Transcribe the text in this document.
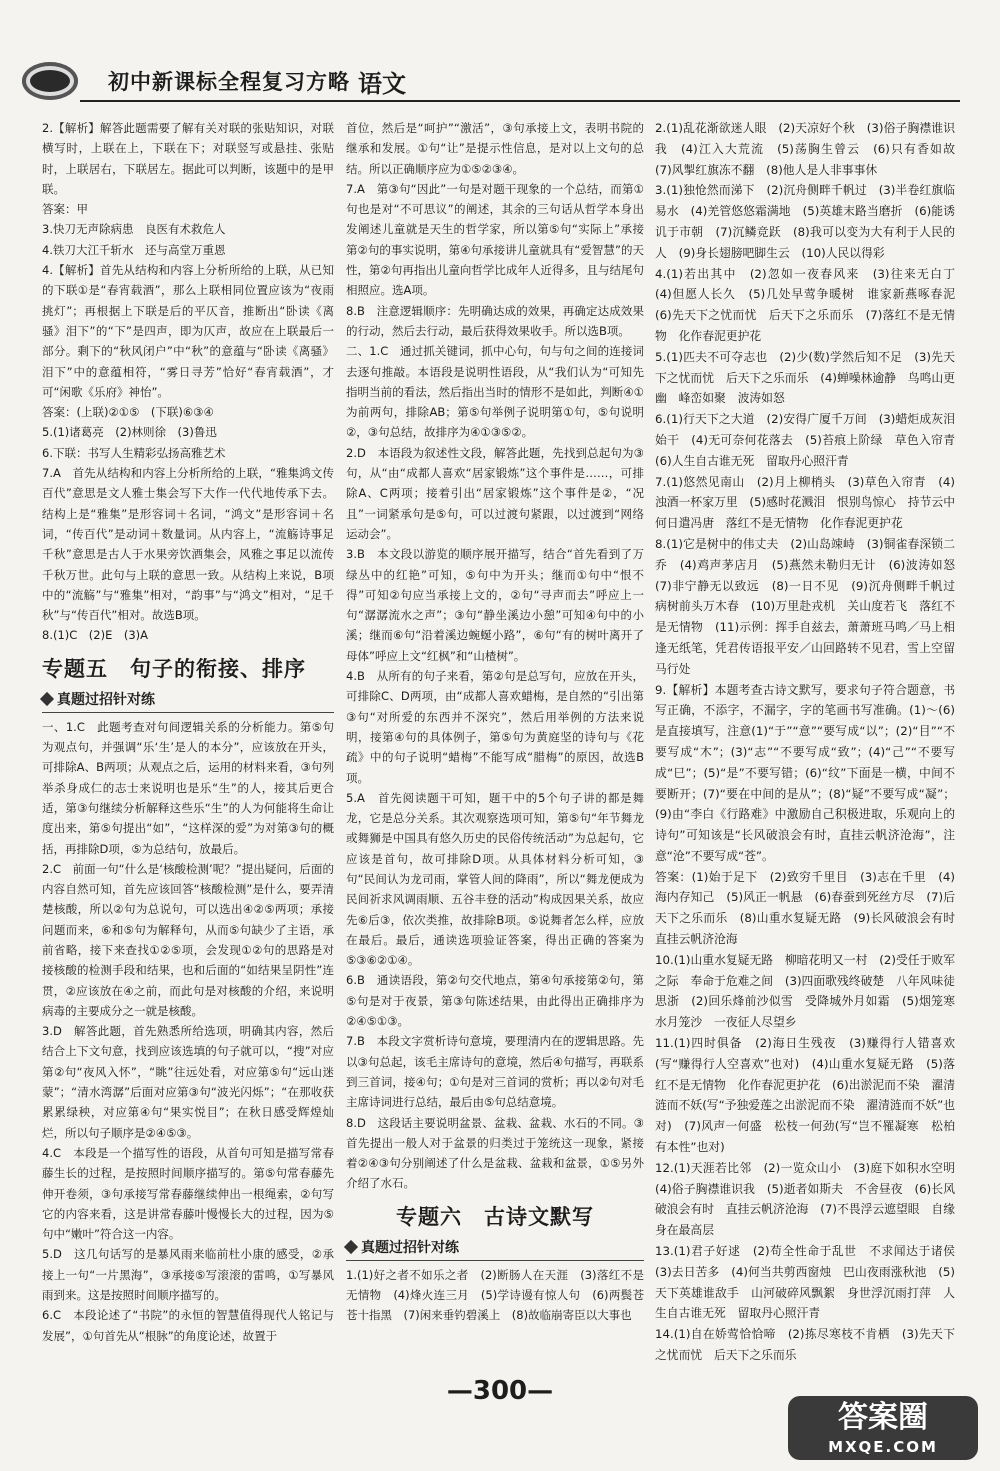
初中新课标全程复习方略 语文

2.【解析】解答此题需要了解有关对联的张贴知识，对联横写时，上联在上，下联在下；对联竖写或悬挂、张贴时，上联居右，下联居左。据此可以判断，该题中的是甲联。

答案：甲

3.快刀无声除病患　良医有术救危人

4.铁刀大江千斩水　还与高堂万重恩

4.【解析】首先从结构和内容上分析所给的上联，从已知的下联①是“春宵载酒”，那么上联相同位置应该为“夜雨挑灯”；再根据上下联是后的平仄音，推断出“卧读《离骚》泪下”的“下”是四声，即为仄声，故应在上联最后一部分。剩下的“秋风闭户”中“秋”的意蕴与“卧读《离骚》泪下”中的意蕴相符，“雾日寻芳”恰好“春宵载酒”，才可“闲歌《乐府》神怡”。

答案：(上联)②①⑤　(下联)⑥③④

5.(1)诸葛亮　(2)林则徐　(3)鲁迅

6.下联：书写人生精彩弘扬高雅艺术

7.A　首先从结构和内容上分析所给的上联，“雅集鸿文传百代”意思是文人雅士集会写下大作一代代地传承下去。结构上是“雅集”是形容词＋名词，“鸿文”是形容词＋名词，“传百代”是动词＋数量词。从内容上，“流觞诗事足千秋”意思是古人于水果旁饮酒集会，风雅之事足以流传千秋万世。此句与上联的意思一致。从结构上来说，B项中的“流觞”与“雅集”相对，“韵事”与“鸿文”相对，“足千秋”与“传百代”相对。故选B项。

8.(1)C　(2)E　(3)A

专题五　句子的衔接、排序

真题过招针对练

一、1.C　此题考查对句间逻辑关系的分析能力。第⑤句为观点句，并强调“乐‘生’是人的本分”，应该放在开头，可排除A、B两项；从观点之后，运用的材料来看，③句列举杀身成仁的志士来说明也是乐“生”的人，接其后更合适，第③句继续分析解释这些乐“生”的人为何能将生命让度出来，第⑤句提出“如”，“这样深的爱”为对第③句的概括，再排除D项，⑤为总结句，放最后。

2.C　前面一句“什么是‘核酸检测’呢？”提出疑问，后面的内容自然可知，首先应该回答“核酸检测”是什么，要弄清楚核酸，所以②句为总说句，可以选出④②⑤两项；承接问题而来，⑥和⑤句为解释句，从而⑤句缺少了主语，承前省略，接下来查找①②⑤项，会发现①②句的思路是对接核酸的检测手段和结果，也和后面的“如结果呈阴性”连贯，②应该放在④之前，而此句是对核酸的介绍，来说明病毒的主要成分之一就是核酸。

3.D　解答此题，首先熟悉所给选项，明确其内容，然后结合上下文句意，找到应该选填的句子就可以，“搜”对应第②句“夜风入怀”，“眺”往远处看，对应第⑤句“远山迷蒙”；“清水湾潺”后面对应第③句“波光闪烁”；“在那收获累累绿秧，对应第④句“果实悦目”；在秋日感受辉煌灿烂，所以句子顺序是②④⑤③。

4.C　本段是一个描写性的语段，从首句可知是描写常春藤生长的过程，是按照时间顺序描写的。第⑤句常春藤先伸开卷须，③句承接写常春藤继续伸出一根绳索，②句写它的内容来看，这是讲常春藤叶慢慢长大的过程，因为⑤句中“嫩叶”符合这一内容。

5.D　这几句话写的是暴风雨来临前杜小康的感受，②承接上一句“一片黑海”，③承接⑤写滚滚的雷鸣，①写暴风雨到来。这是按照时间顺序描写的。

6.C　本段论述了“书院”的永恒的智慧值得现代人铭记与发展”，①句首先从“根脉”的角度论述，故置于

首位，然后是“呵护”“激活”，③句承接上文，表明书院的继承和发展。①句“让”是提示性信息，是对以上文句的总结。所以正确顺序应为①⑤②③④。

7.A　第③句“因此”一句是对题干现象的一个总结，而第①句也是对“不可思议”的阐述，其余的三句话从哲学本身出发阐述儿童就是天生的哲学家，所以第⑤句“实际上”承接第②句的事实说明，第④句承接讲儿童就具有“爱智慧”的天性，第②句再指出儿童向哲学比成年人近得多，且与结尾句相照应。选A项。

8.B　注意逻辑顺序：先明确达成的效果，再确定达成效果的行动，然后去行动，最后获得效果收手。所以选B项。

二、1.C　通过抓关键词，抓中心句，句与句之间的连接词去逐句推敲。本语段是说明性语段，从“我们认为“可知先指明当前的看法，然后指出当时的情形不是如此，判断④①为前两句，排除AB；第⑤句举例子说明第①句，⑤句说明②，③句总结，故排序为④①③⑤②。

2.D　本语段为叙述性文段，解答此题，先找到总起句为③句，从“由“成都人喜欢“居家锻炼”这个事件是……，可排除A、C两项；接着引出“居家锻炼”这个事件是②，“况且”一词紧承句是⑤句，可以过渡句紧跟，以过渡到“网络运动会”。

3.B　本文段以游览的顺序展开描写，结合“首先看到了万绿丛中的红艳”可知，⑤句中为开头；继而①句中“恨不得”可知②句应当承接上文的，②句“寻声而去”呼应上一句“潺潺流水之声”；③句“静坐溪边小憩”可知④句中的小溪；继而⑥句“沿着溪边蜿蜒小路”，⑥句“有的树叶离开了母体”呼应上文“红枫”和“山楂树”。

4.B　从所有的句子来看，第②句是总写句，应放在开头，可排除C、D两项，由“成都人喜欢蜡梅，是自然的“引出第③句“对所爱的东西并不深究”，然后用举例的方法来说明，接第④句的具体例子，第⑤句为黄庭坚的诗句与《花疏》中的句子说明“蜡梅”不能写成“腊梅”的原因，故选B项。

5.A　首先阅读题干可知，题干中的5个句子讲的都是舞龙，它是总分关系。其次观察选项可知，第⑤句“年节舞龙或舞狮是中国具有悠久历史的民俗传统活动”为总起句，它应该是首句，故可排除D项。从具体材料分析可知，③句“民间认为龙司雨，掌管人间的降雨”，所以“舞龙便成为民间祈求风调雨顺、五谷丰登的活动”构成因果关系，故应先⑥后③，依次类推，故排除B项。⑤说舞者怎么样，应放在最后。最后，通读选项验证答案，得出正确的答案为⑤③⑥②①④。

6.B　通读语段，第②句交代地点，第④句承接第②句，第⑤句是对于夜景，第③句陈述结果，由此得出正确排序为②④⑤①③。

7.B　本段文字赏析诗句意境，要理清内在的逻辑思路。先以③句总起，该毛主席诗句的意境，然后④句描写，再联系到三首词，接④句；①句是对三首词的赏析；再以②句对毛主席诗词进行总结，最后由⑤句总结意境。

8.D　这段话主要说明盆景、盆栽、盆栽、水石的不同。③首先提出一般人对于盆景的归类过于笼统这一现象，紧接着②④③句分别阐述了什么是盆栽、盆栽和盆景，①⑤另外介绍了水石。

专题六　古诗文默写

真题过招针对练

1.(1)好之者不如乐之者　(2)断肠人在天涯　(3)落红不是无情物　(4)烽火连三月　(5)学诗谩有惊人句　(6)两鬓苍苍十指黑　(7)闲来垂钓碧溪上　(8)故临崩寄臣以大事也

2.(1)乱花渐欲迷人眼　(2)天凉好个秋　(3)俗子胸襟谁识我　(4)江入大荒流　(5)荡胸生曾云　(6)只有香如故　(7)风掣红旗冻不翻　(8)他人是人非事事休

3.(1)独怆然而涕下　(2)沉舟侧畔千帆过　(3)半卷红旗临易水　(4)羌管悠悠霜满地　(5)英雄末路当磨折　(6)能诱讥于市朝　(7)沉鳞竞跃　(8)我可以变为大有利于人民的人　(9)身长翅膀吧脚生云　(10)人民以得彩

4.(1)若出其中　(2)忽如一夜春风来　(3)往来无白丁　(4)但愿人长久　(5)几处早莺争暖树　谁家新燕啄春泥　(6)先天下之忧而忧　后天下之乐而乐　(7)落红不是无情物　化作春泥更护花

5.(1)匹夫不可夺志也　(2)少(数)学然后知不足　(3)先天下之忧而忧　后天下之乐而乐　(4)蝉噪林逾静　鸟鸣山更幽　峰峦如聚　波涛如怒

6.(1)行天下之大道　(2)安得广厦千万间　(3)蜡炬成灰泪始干　(4)无可奈何花落去　(5)苔痕上阶绿　草色入帘青　(6)人生自古谁无死　留取丹心照汗青

7.(1)悠然见南山　(2)月上柳梢头　(3)草色入帘青　(4)浊酒一杯家万里　(5)感时花溅泪　恨别鸟惊心　持节云中　何日遣冯唐　落红不是无情物　化作春泥更护花

8.(1)它是树中的伟丈夫　(2)山岛竦峙　(3)铜雀春深锁二乔　(4)鸡声茅店月　(5)燕然未勒归无计　(6)波涛如怒　(7)非宁静无以致远　(8)一日不见　(9)沉舟侧畔千帆过　病树前头万木春　(10)万里赴戎机　关山度若飞　落红不是无情物　(11)示例：挥手自兹去，萧萧班马鸣／马上相逢无纸笔，凭君传语报平安／山回路转不见君，雪上空留马行处

9.【解析】本题考查古诗文默写，要求句子符合题意，书写正确，不添字，不漏字，字的笔画书写准确。(1)～(6)是直接填写，注意(1)“于”“意”“要写成“以”；(2)“目”“不要写成“木”；(3)“志”“不要写成“致”；(4)“己”“不要写成“巳”；(5)“是”不要写错；(6)“纹”下面是一横，中间不要断开；(7)“要在中间的是从”；(8)“疑”不要写成“凝”；(9)由“李白《行路难》中激励自己积极进取，乐观向上的诗句”可知该是“长风破浪会有时，直挂云帆济沧海”，注意“沧”不要写成“苍”。

答案：(1)始于足下　(2)致穷千里目　(3)志在千里　(4)海内存知己　(5)风正一帆悬　(6)春蚕到死丝方尽　(7)后天下之乐而乐　(8)山重水复疑无路　(9)长风破浪会有时　直挂云帆济沧海

10.(1)山重水复疑无路　柳暗花明又一村　(2)受任于败军之际　奉命于危难之间　(3)四面歌残终破楚　八年风味徒思浙　(2)回乐烽前沙似雪　受降城外月如霜　(5)烟笼寒水月笼沙　一夜征人尽望乡

11.(1)四时俱备　(2)海日生残夜　(3)赚得行人错喜欢(写“赚得行人空喜欢”也对)　(4)山重水复疑无路　(5)落红不是无情物　化作春泥更护花　(6)出淤泥而不染　濯清涟而不妖(写“予独爱莲之出淤泥而不染　濯清涟而不妖”也对)　(7)风声一何盛　松枝一何劲(写“岂不罹凝寒　松柏有本性”也对)

12.(1)天涯若比邻　(2)一览众山小　(3)庭下如积水空明　(4)俗子胸襟谁识我　(5)逝者如斯夫　不舍昼夜　(6)长风破浪会有时　直挂云帆济沧海　(7)不畏浮云遮望眼　自缘身在最高层

13.(1)君子好逑　(2)苟全性命于乱世　不求闻达于诸侯　(3)去日苦多　(4)何当共剪西窗烛　巴山夜雨涨秋池　(5)天下英雄谁敌手　山河破碎风飘絮　身世浮沉雨打萍　人生自古谁无死　留取丹心照汗青

14.(1)自在娇莺恰恰啼　(2)拣尽寒枝不肯栖　(3)先天下之忧而忧　后天下之乐而乐

—300—
答案圈
MXQE.COM
